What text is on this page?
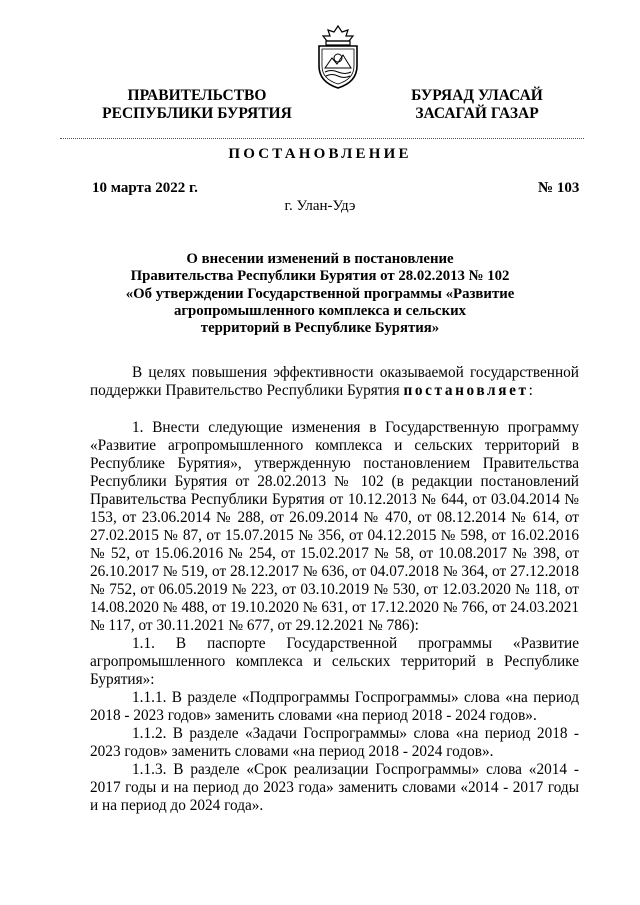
ПРАВИТЕЛЬСТВО
РЕСПУБЛИКИ БУРЯТИЯ
БУРЯАД УЛАСАЙ
ЗАСАГАЙ ГАЗАР
ПОСТАНОВЛЕНИЕ
10 марта 2022 г.	№ 103
г. Улан-Удэ
О внесении изменений в постановление
Правительства Республики Бурятия от 28.02.2013 № 102
«Об утверждении Государственной программы «Развитие
агропромышленного комплекса и сельских
территорий в Республике Бурятия»

В целях повышения эффективности оказываемой государственной поддержки Правительство Республики Бурятия постановляет:

1. Внести следующие изменения в Государственную программу «Развитие агропромышленного комплекса и сельских территорий в Республике Бурятия», утвержденную постановлением Правительства Республики Бурятия от 28.02.2013 № 102 (в редакции постановлений Правительства Республики Бурятия от 10.12.2013 № 644, от 03.04.2014 № 153, от 23.06.2014 № 288, от 26.09.2014 № 470, от 08.12.2014 № 614, от 27.02.2015 № 87, от 15.07.2015 № 356, от 04.12.2015 № 598, от 16.02.2016 № 52, от 15.06.2016 № 254, от 15.02.2017 № 58, от 10.08.2017 № 398, от 26.10.2017 № 519, от 28.12.2017 № 636, от 04.07.2018 № 364, от 27.12.2018 № 752, от 06.05.2019 № 223, от 03.10.2019 № 530, от 12.03.2020 № 118, от 14.08.2020 № 488, от 19.10.2020 № 631, от 17.12.2020 № 766, от 24.03.2021 № 117, от 30.11.2021 № 677, от 29.12.2021 № 786):

1.1. В паспорте Государственной программы «Развитие агропромышленного комплекса и сельских территорий в Республике Бурятия»:

1.1.1. В разделе «Подпрограммы Госпрограммы» слова «на период 2018 - 2023 годов» заменить словами «на период 2018 - 2024 годов».

1.1.2. В разделе «Задачи Госпрограммы» слова «на период 2018 - 2023 годов» заменить словами «на период 2018 - 2024 годов».

1.1.3. В разделе «Срок реализации Госпрограммы» слова «2014 - 2017 годы и на период до 2023 года» заменить словами «2014 - 2017 годы и на период до 2024 года».
